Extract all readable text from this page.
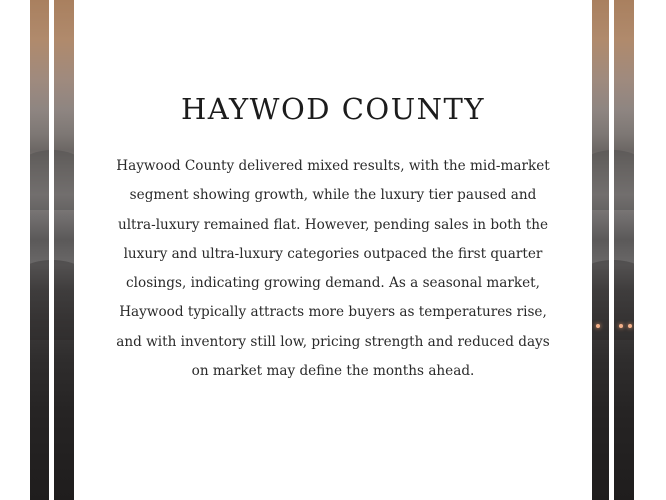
HAYWOD COUNTY

Haywood County delivered mixed results, with the mid-market segment showing growth, while the luxury tier paused and ultra-luxury remained flat. However, pending sales in both the luxury and ultra-luxury categories outpaced the first quarter closings, indicating growing demand. As a seasonal market, Haywood typically attracts more buyers as temperatures rise, and with inventory still low, pricing strength and reduced days on market may define the months ahead.
